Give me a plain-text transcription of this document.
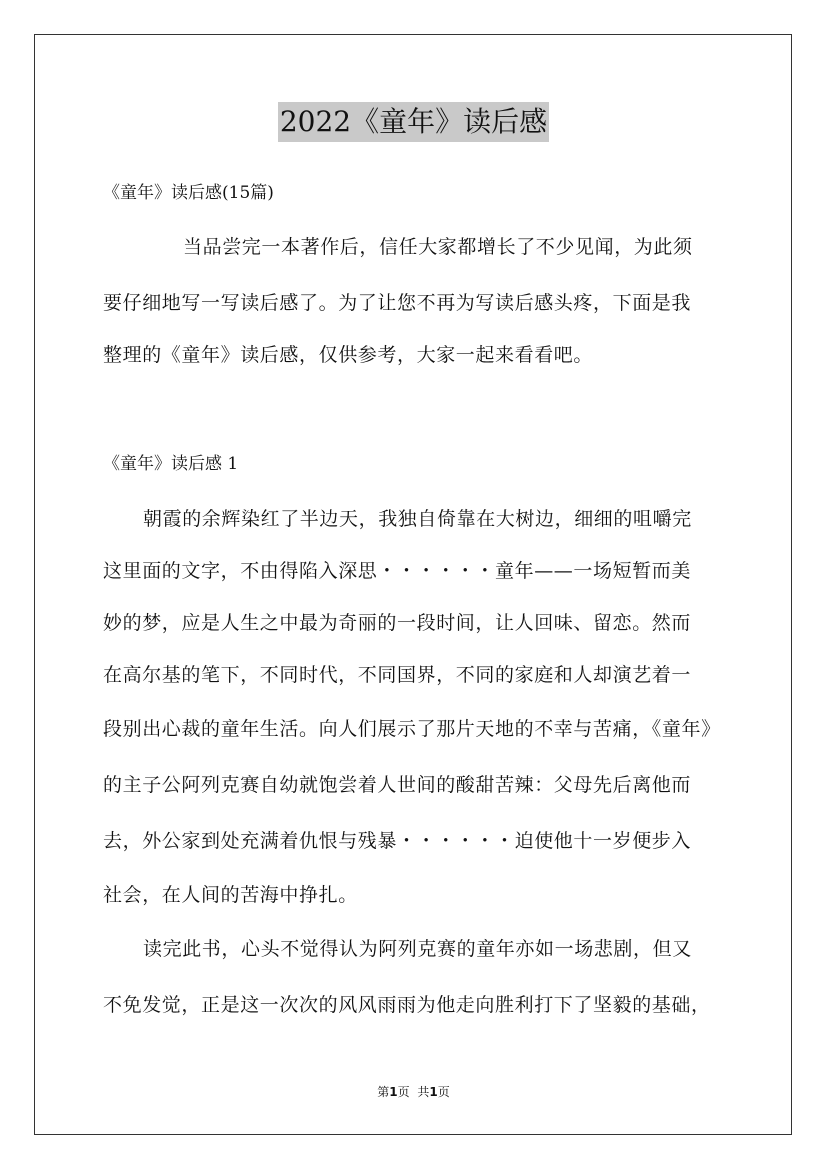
2022《童年》读后感
《童年》读后感(15篇)
当品尝完一本著作后，信任大家都增长了不少见闻，为此须
要仔细地写一写读后感了。为了让您不再为写读后感头疼，下面是我
整理的《童年》读后感，仅供参考，大家一起来看看吧。
《童年》读后感 1
朝霞的余辉染红了半边天，我独自倚靠在大树边，细细的咀嚼完
这里面的文字，不由得陷入深思・・・・・・童年——一场短暂而美
妙的梦，应是人生之中最为奇丽的一段时间，让人回味、留恋。然而
在高尔基的笔下，不同时代，不同国界，不同的家庭和人却演艺着一
段别出心裁的童年生活。向人们展示了那片天地的不幸与苦痛，《童年》
的主子公阿列克赛自幼就饱尝着人世间的酸甜苦辣：父母先后离他而
去，外公家到处充满着仇恨与残暴・・・・・・迫使他十一岁便步入
社会，在人间的苦海中挣扎。
读完此书，心头不觉得认为阿列克赛的童年亦如一场悲剧，但又
不免发觉，正是这一次次的风风雨雨为他走向胜利打下了坚毅的基础，
第1页 共1页
